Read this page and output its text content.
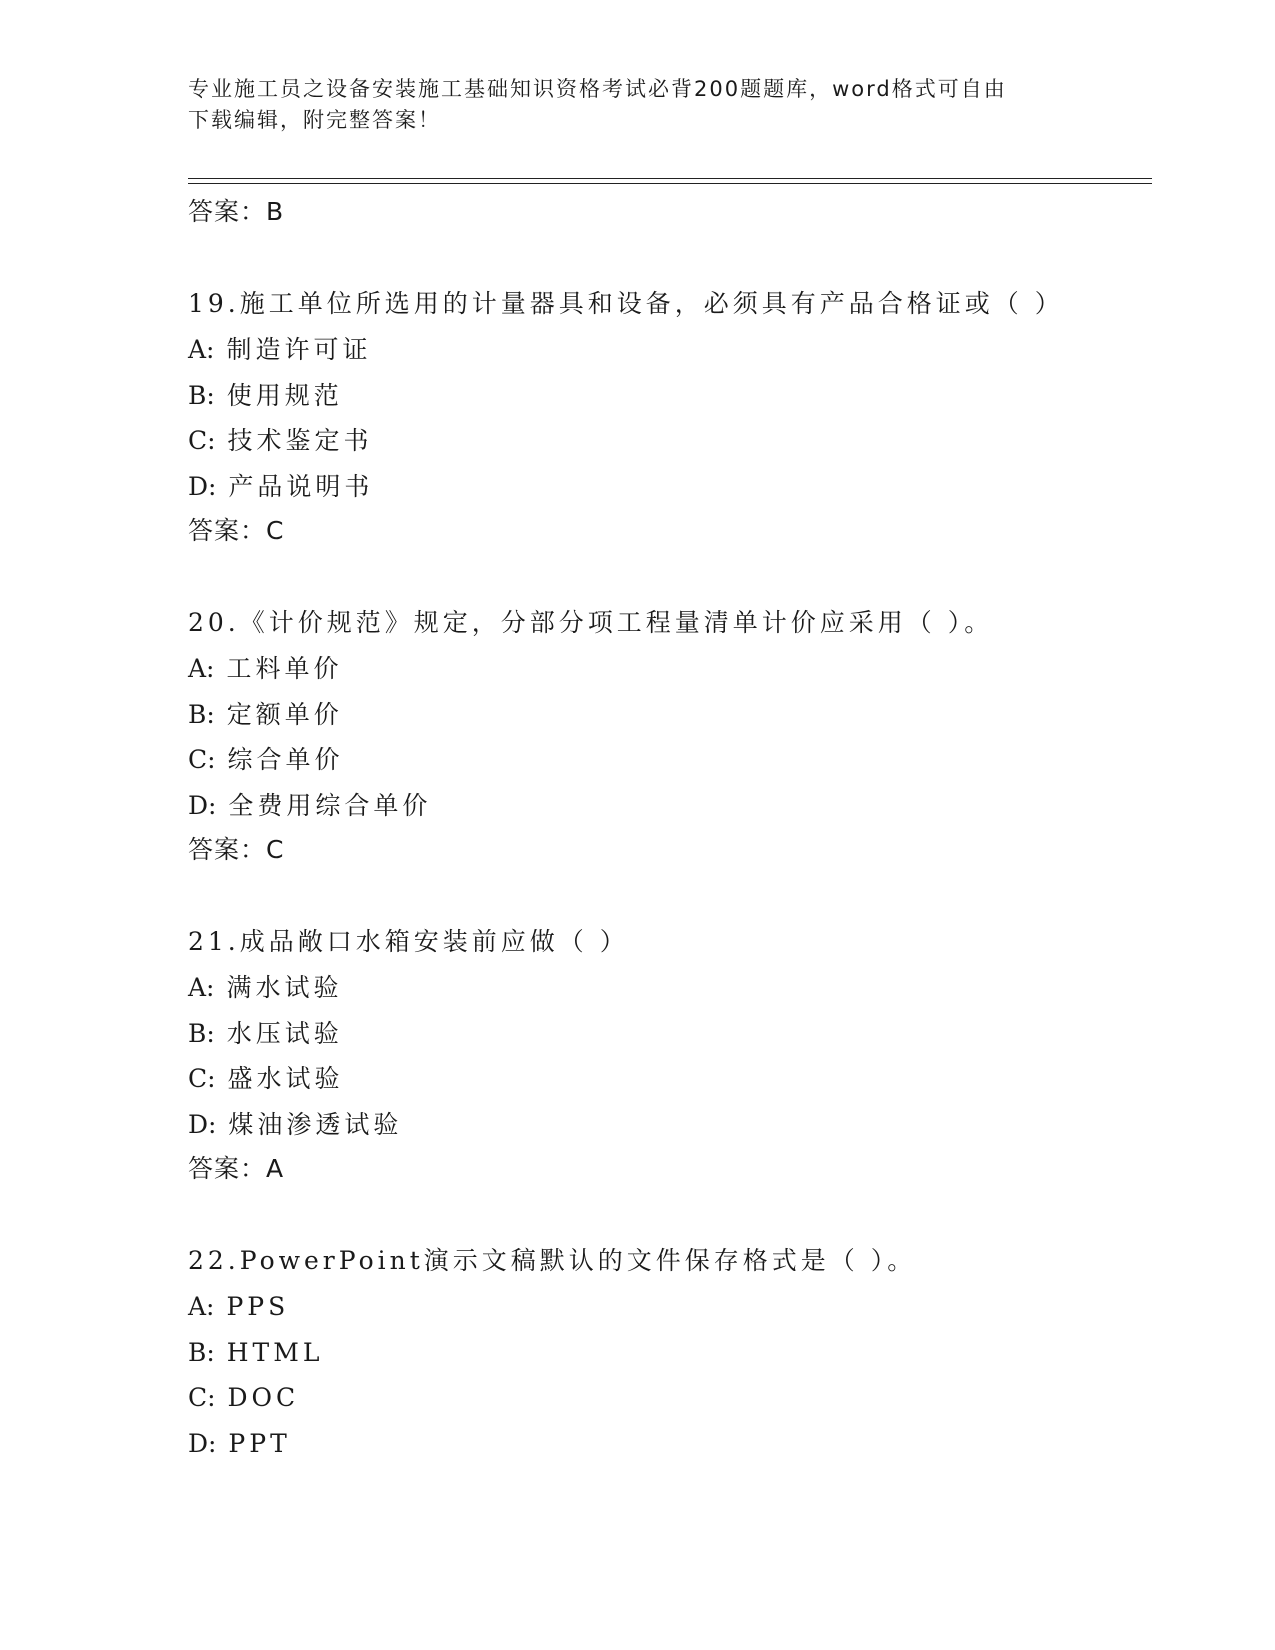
专业施工员之设备安装施工基础知识资格考试必背200题题库，word格式可自由
下载编辑，附完整答案！
答案：B
19.施工单位所选用的计量器具和设备，必须具有产品合格证或（ ）
A: 制造许可证
B: 使用规范
C: 技术鉴定书
D: 产品说明书
答案：C
20.《计价规范》规定，分部分项工程量清单计价应采用（ ）。
A: 工料单价
B: 定额单价
C: 综合单价
D: 全费用综合单价
答案：C
21.成品敞口水箱安装前应做（ ）
A: 满水试验
B: 水压试验
C: 盛水试验
D: 煤油渗透试验
答案：A
22.PowerPoint演示文稿默认的文件保存格式是（ ）。
A: PPS
B: HTML
C: DOC
D: PPT
